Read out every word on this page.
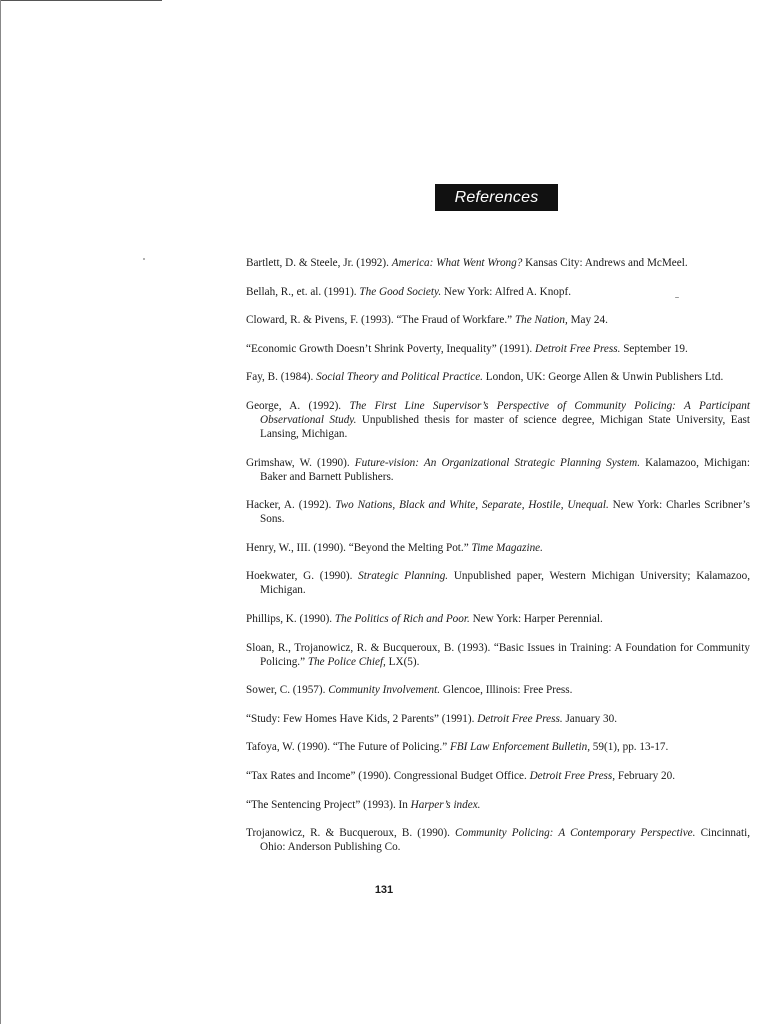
References
Bartlett, D. & Steele, Jr. (1992). America: What Went Wrong? Kansas City: Andrews and McMeel.
Bellah, R., et. al. (1991). The Good Society. New York: Alfred A. Knopf.
Cloward, R. & Pivens, F. (1993). “The Fraud of Workfare.” The Nation, May 24.
“Economic Growth Doesn’t Shrink Poverty, Inequality” (1991). Detroit Free Press. September 19.
Fay, B. (1984). Social Theory and Political Practice. London, UK: George Allen & Unwin Publishers Ltd.
George, A. (1992). The First Line Supervisor’s Perspective of Community Policing: A Participant Observational Study. Unpublished thesis for master of science degree, Michigan State University, East Lansing, Michigan.
Grimshaw, W. (1990). Future-vision: An Organizational Strategic Planning System. Kalamazoo, Michigan: Baker and Barnett Publishers.
Hacker, A. (1992). Two Nations, Black and White, Separate, Hostile, Unequal. New York: Charles Scribner’s Sons.
Henry, W., III. (1990). “Beyond the Melting Pot.” Time Magazine.
Hoekwater, G. (1990). Strategic Planning. Unpublished paper, Western Michigan University; Kalamazoo, Michigan.
Phillips, K. (1990). The Politics of Rich and Poor. New York: Harper Perennial.
Sloan, R., Trojanowicz, R. & Bucqueroux, B. (1993). “Basic Issues in Training: A Foundation for Community Policing.” The Police Chief, LX(5).
Sower, C. (1957). Community Involvement. Glencoe, Illinois: Free Press.
“Study: Few Homes Have Kids, 2 Parents” (1991). Detroit Free Press. January 30.
Tafoya, W. (1990). “The Future of Policing.” FBI Law Enforcement Bulletin, 59(1), pp. 13-17.
“Tax Rates and Income” (1990). Congressional Budget Office. Detroit Free Press, February 20.
“The Sentencing Project” (1993). In Harper’s index.
Trojanowicz, R. & Bucqueroux, B. (1990). Community Policing: A Contemporary Perspective. Cincinnati, Ohio: Anderson Publishing Co.
131
